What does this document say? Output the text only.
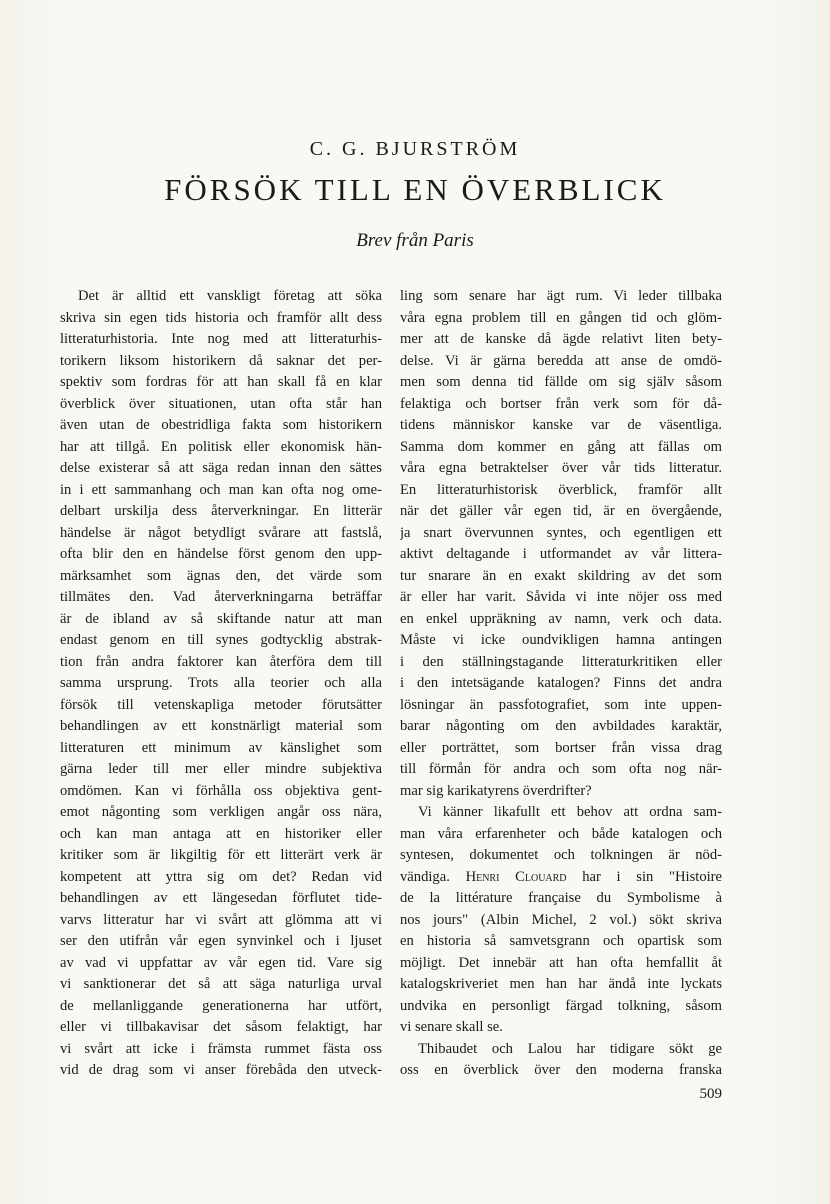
C. G. BJURSTRÖM
FÖRSÖK TILL EN ÖVERBLICK
Brev från Paris
Det är alltid ett vanskligt företag att söka
skriva sin egen tids historia och framför allt dess
litteraturhistoria. Inte nog med att litteraturhis-
torikern liksom historikern då saknar det per-
spektiv som fordras för att han skall få en klar
överblick över situationen, utan ofta står han
även utan de obestridliga fakta som historikern
har att tillgå. En politisk eller ekonomisk hän-
delse existerar så att säga redan innan den sättes
in i ett sammanhang och man kan ofta nog ome-
delbart urskilja dess återverkningar. En litterär
händelse är något betydligt svårare att fastslå,
ofta blir den en händelse först genom den upp-
märksamhet som ägnas den, det värde som
tillmätes den. Vad återverkningarna beträffar
är de ibland av så skiftande natur att man
endast genom en till synes godtycklig abstrak-
tion från andra faktorer kan återföra dem till
samma ursprung. Trots alla teorier och alla
försök till vetenskapliga metoder förutsätter
behandlingen av ett konstnärligt material som
litteraturen ett minimum av känslighet som
gärna leder till mer eller mindre subjektiva
omdömen. Kan vi förhålla oss objektiva gent-
emot någonting som verkligen angår oss nära,
och kan man antaga att en historiker eller
kritiker som är likgiltig för ett litterärt verk är
kompetent att yttra sig om det? Redan vid
behandlingen av ett längesedan förflutet tide-
varvs litteratur har vi svårt att glömma att vi
ser den utifrån vår egen synvinkel och i ljuset
av vad vi uppfattar av vår egen tid. Vare sig
vi sanktionerar det så att säga naturliga urval
de mellanliggande generationerna har utfört,
eller vi tillbakavisar det såsom felaktigt, har
vi svårt att icke i främsta rummet fästa oss
vid de drag som vi anser förebåda den utveck-
ling som senare har ägt rum. Vi leder tillbaka
våra egna problem till en gången tid och glöm-
mer att de kanske då ägde relativt liten bety-
delse. Vi är gärna beredda att anse de omdö-
men som denna tid fällde om sig själv såsom
felaktiga och bortser från verk som för då-
tidens människor kanske var de väsentliga.
Samma dom kommer en gång att fällas om
våra egna betraktelser över vår tids litteratur.
En litteraturhistorisk överblick, framför allt
när det gäller vår egen tid, är en övergående,
ja snart övervunnen syntes, och egentligen ett
aktivt deltagande i utformandet av vår littera-
tur snarare än en exakt skildring av det som
är eller har varit. Såvida vi inte nöjer oss med
en enkel uppräkning av namn, verk och data.
Måste vi icke oundvikligen hamna antingen
i den ställningstagande litteraturkritiken eller
i den intetsägande katalogen? Finns det andra
lösningar än passfotografiet, som inte uppen-
barar någonting om den avbildades karaktär,
eller porträttet, som bortser från vissa drag
till förmån för andra och som ofta nog när-
mar sig karikatyrens överdrifter?
Vi känner likafullt ett behov att ordna sam-
man våra erfarenheter och både katalogen och
syntesen, dokumentet och tolkningen är nöd-
vändiga. Henri Clouard har i sin "Histoire
de la littérature française du Symbolisme à
nos jours" (Albin Michel, 2 vol.) sökt skriva
en historia så samvetsgrann och opartisk som
möjligt. Det innebär att han ofta hemfallit åt
katalogskriveriet men han har ändå inte lyckats
undvika en personligt färgad tolkning, såsom
vi senare skall se.
Thibaudet och Lalou har tidigare sökt ge
oss en överblick över den moderna franska
509
